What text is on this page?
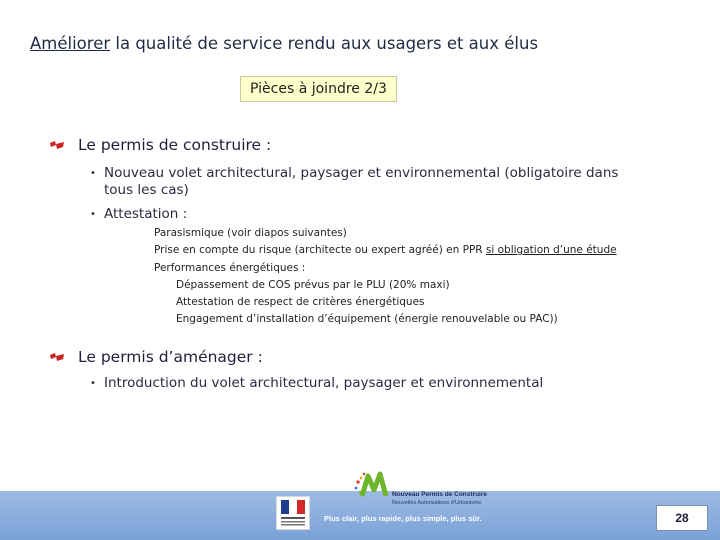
Améliorer la qualité de service rendu aux usagers et aux élus
Pièces à joindre 2/3
Le permis de construire :
• Nouveau volet architectural, paysager et environnemental (obligatoire dans
tous les cas)
• Attestation :
Parasismique (voir diapos suivantes)
Prise en compte du risque (architecte ou expert agréé) en PPR si obligation d’une étude
Performances énergétiques :
Dépassement de COS prévus par le PLU (20% maxi)
Attestation de respect de critères énergétiques
Engagement d’installation d’équipement (énergie renouvelable ou PAC))
Le permis d’aménager :
• Introduction du volet architectural, paysager et environnemental
Nouveau Permis de Construire
Nouvelles Autorisations d’Urbanisme
Plus clair, plus rapide, plus simple, plus sûr.	28
